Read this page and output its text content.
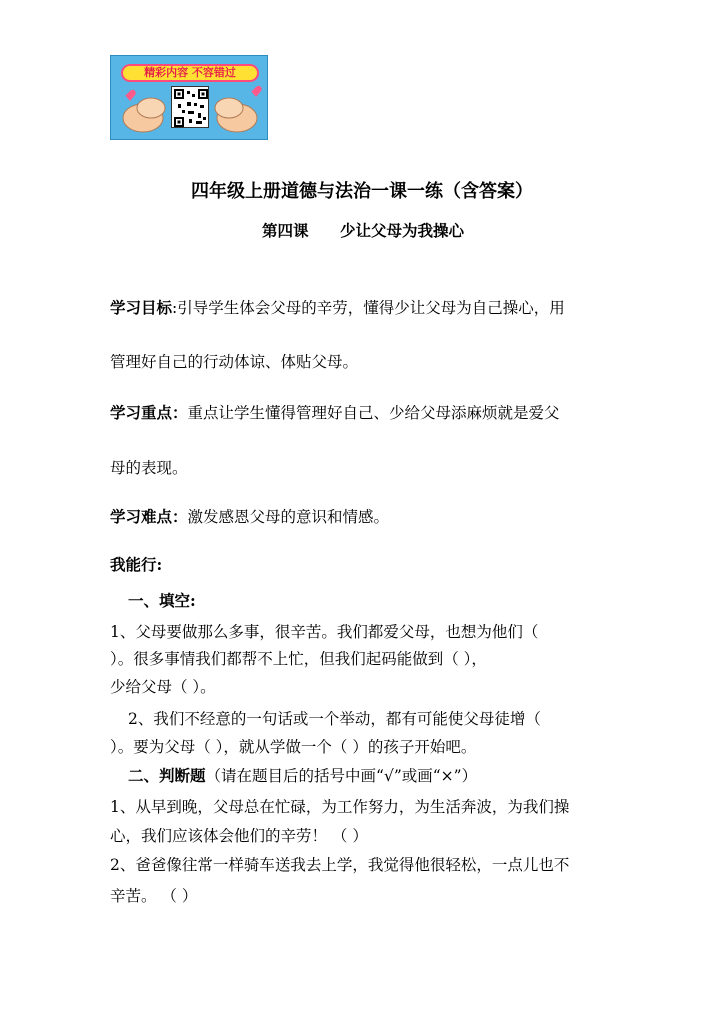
精彩内容 不容错过
四年级上册道德与法治一课一练（含答案）
第四课 少让父母为我操心
学习目标:引导学生体会父母的辛劳，懂得少让父母为自己操心，用
管理好自己的行动体谅、体贴父母。
学习重点：重点让学生懂得管理好自己、少给父母添麻烦就是爱父
母的表现。
学习难点：激发感恩父母的意识和情感。
我能行:
一、填空:
1、父母要做那么多事，很辛苦。我们都爱父母，也想为他们（
）。很多事情我们都帮不上忙，但我们起码能做到（ ），
少给父母（ ）。
2、我们不经意的一句话或一个举动，都有可能使父母徒增（
）。要为父母（ ），就从学做一个（ ）的孩子开始吧。
二、判断题（请在题目后的括号中画“√”或画“×”）
1、从早到晚，父母总在忙碌，为工作努力，为生活奔波，为我们操
心，我们应该体会他们的辛劳！ （ ）
2、爸爸像往常一样骑车送我去上学，我觉得他很轻松，一点儿也不
辛苦。 （ ）
